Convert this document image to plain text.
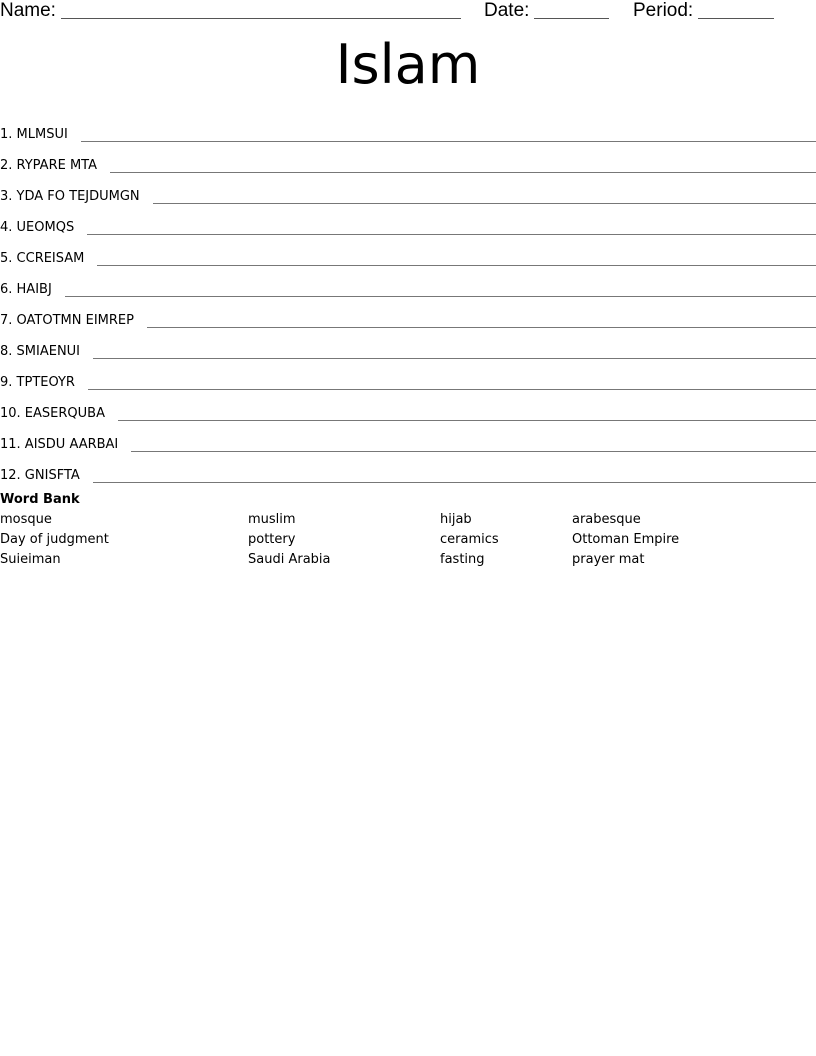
Name:	Date:	Period:
Islam
1. MLMSUI
2. RYPARE MTA
3. YDA FO TEJDUMGN
4. UEOMQS
5. CCREISAM
6. HAIBJ
7. OATOTMN EIMREP
8. SMIAENUI
9. TPTEOYR
10. EASERQUBA
11. AISDU AARBAI
12. GNISFTA
Word Bank
mosque	muslim	hijab	arabesque
Day of judgment	pottery	ceramics	Ottoman Empire
Suieiman	Saudi Arabia	fasting	prayer mat
